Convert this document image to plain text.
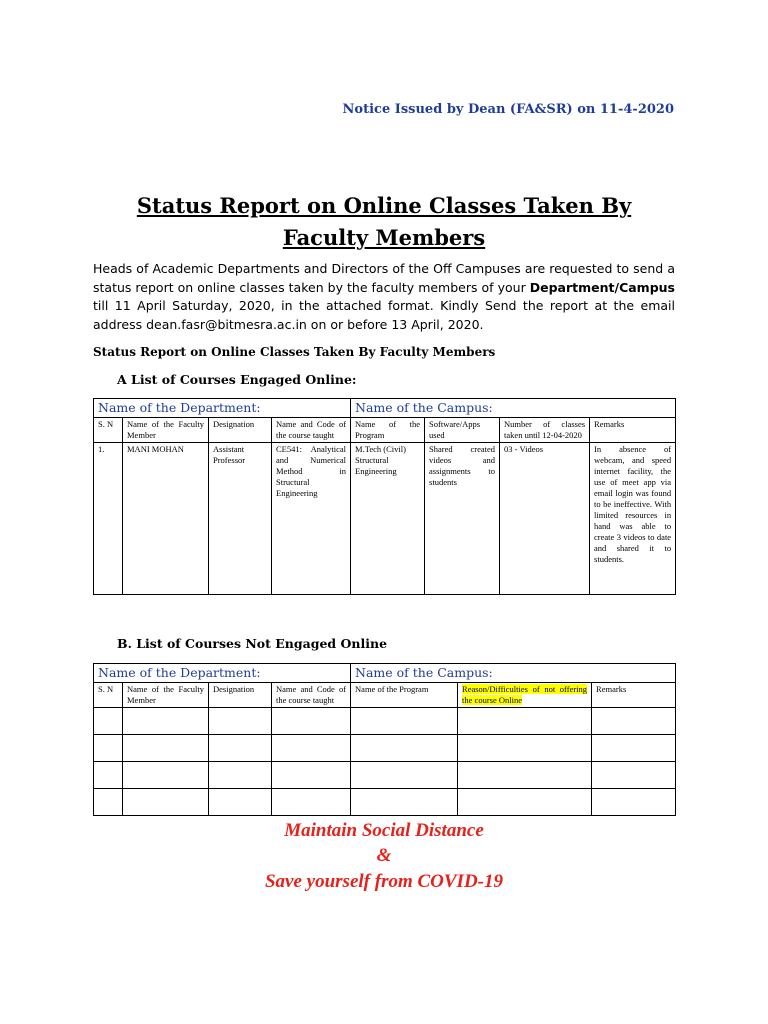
Notice Issued by Dean (FA&SR) on 11-4-2020
Status Report on Online Classes Taken By
Faculty Members
Heads of Academic Departments and Directors of the Off Campuses are requested to send a status report on online classes taken by the faculty members of your Department/Campus till 11 April Saturday, 2020, in the attached format. Kindly Send the report at the email address dean.fasr@bitmesra.ac.in on or before 13 April, 2020.
Status Report on Online Classes Taken By Faculty Members
A List of Courses Engaged Online:
Name of the Department:				Name of the Campus:			
S. N	Name of the Faculty Member	Designation	Name and Code of the course taught	Name of the Program	Software/Apps used	Number of classes taken until 12-04-2020	Remarks
1.	MANI MOHAN	Assistant Professor	CE541: Analytical and Numerical Method in Structural Engineering	M.Tech (Civil) Structural Engineering	Shared created videos and assignments to students	03 - Videos	In absence of webcam, and speed internet facility, the use of meet app via email login was found to be ineffective. With limited resources in hand was able to create 3 videos to date and shared it to students.
B. List of Courses Not Engaged Online
Name of the Department:				Name of the Campus:		
S. N	Name of the Faculty Member	Designation	Name and Code of the course taught	Name of the Program	Reason/Difficulties of not offering the course Online	Remarks

Maintain Social Distance
&
Save yourself from COVID-19
